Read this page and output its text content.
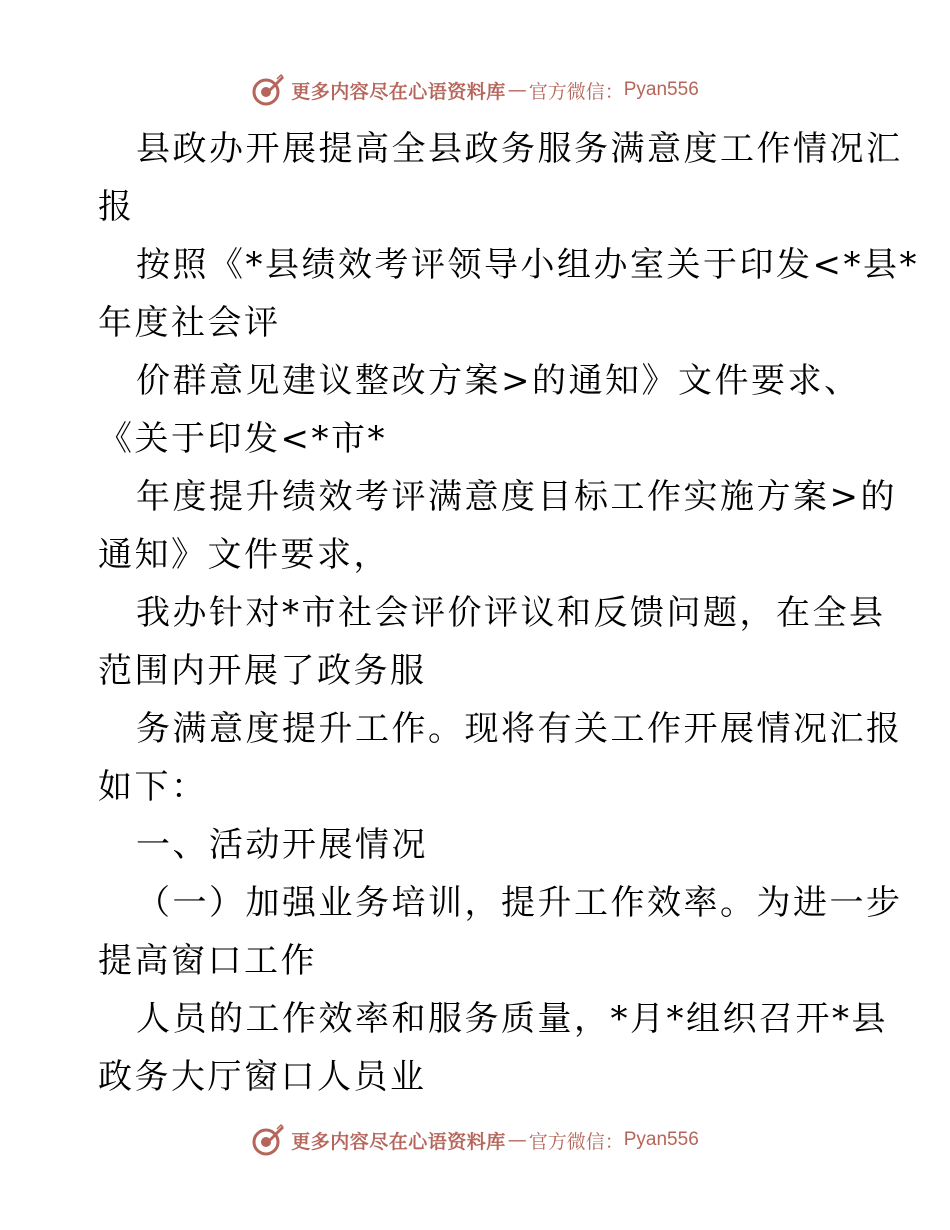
更多内容尽在心语资料库 — 官方微信： Pyan556
县政办开展提高全县政务服务满意度工作情况汇
报
按照《*县绩效考评领导小组办室关于印发<*县*
年度社会评
价群意见建议整改方案>的通知》文件要求、
《关于印发<*市*
年度提升绩效考评满意度目标工作实施方案>的
通知》文件要求，
我办针对*市社会评价评议和反馈问题，在全县
范围内开展了政务服
务满意度提升工作。现将有关工作开展情况汇报
如下：
一、活动开展情况
（一）加强业务培训，提升工作效率。为进一步
提高窗口工作
人员的工作效率和服务质量，*月*组织召开*县
政务大厅窗口人员业
更多内容尽在心语资料库 — 官方微信： Pyan556
